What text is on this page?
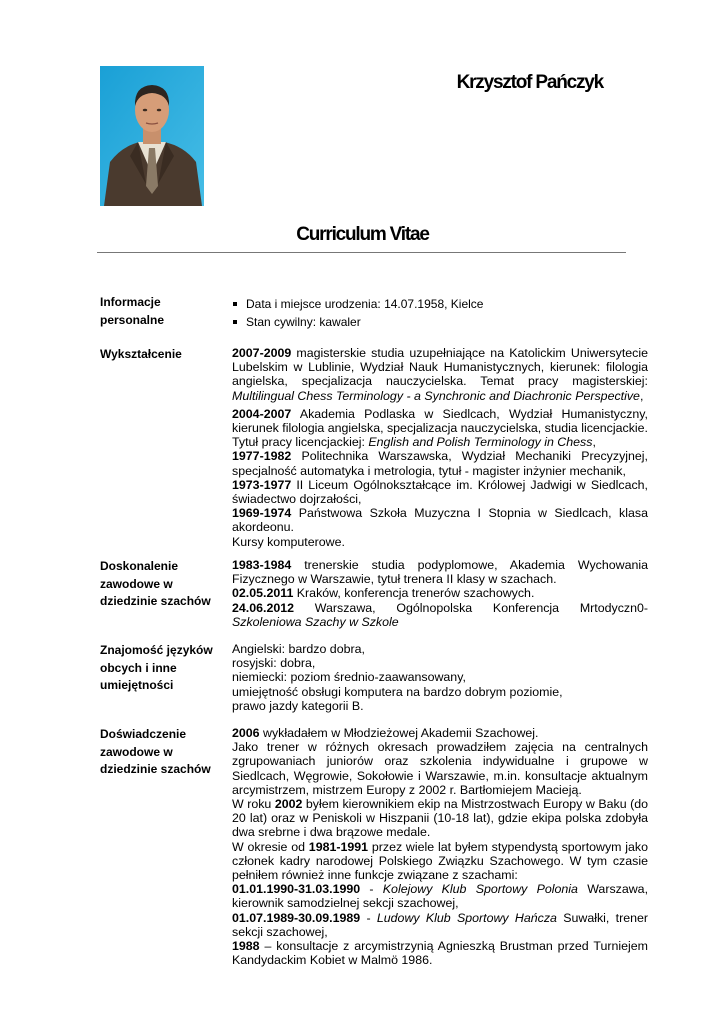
Krzysztof Pańczyk
Curriculum Vitae
Informacje personalne
Data i miejsce urodzenia: 14.07.1958, Kielce
Stan cywilny: kawaler
Wykształcenie	2007-2009 magisterskie studia uzupełniające na Katolickim Uniwersytecie Lubelskim w Lublinie, Wydział Nauk Humanistycznych, kierunek: filologia angielska, specjalizacja nauczycielska. Temat pracy magisterskiej: Multilingual Chess Terminology - a Synchronic and Diachronic Perspective,

2004-2007 Akademia Podlaska w Siedlcach, Wydział Humanistyczny, kierunek filologia angielska, specjalizacja nauczycielska, studia licencjackie. Tytuł pracy licencjackiej: English and Polish Terminology in Chess,

1977-1982 Politechnika Warszawska, Wydział Mechaniki Precyzyjnej, specjalność automatyka i metrologia, tytuł - magister inżynier mechanik,

1973-1977 II Liceum Ogólnokształcące im. Królowej Jadwigi w Siedlcach, świadectwo dojrzałości,

1969-1974 Państwowa Szkoła Muzyczna I Stopnia w Siedlcach, klasa akordeonu.

Kursy komputerowe.

Doskonalenie zawodowe w dziedzinie szachów

1983-1984 trenerskie studia podyplomowe, Akademia Wychowania Fizycznego w Warszawie, tytuł trenera II klasy w szachach.

02.05.2011 Kraków, konferencja trenerów szachowych.

24.06.2012 Warszawa, Ogólnopolska Konferencja Mrtodyczn0-Szkoleniowa Szachy w Szkole

Znajomość języków obcych i inne umiejętności

Angielski: bardzo dobra,

rosyjski: dobra,

niemiecki: poziom średnio-zaawansowany,

umiejętność obsługi komputera na bardzo dobrym poziomie,

prawo jazdy kategorii B.

Doświadczenie zawodowe w dziedzinie szachów

2006 wykładałem w Młodzieżowej Akademii Szachowej.

Jako trener w różnych okresach prowadziłem zajęcia na centralnych zgrupowaniach juniorów oraz szkolenia indywidualne i grupowe w Siedlcach, Węgrowie, Sokołowie i Warszawie, m.in. konsultacje aktualnym arcymistrzem, mistrzem Europy z 2002 r. Bartłomiejem Macieją.

W roku 2002 byłem kierownikiem ekip na Mistrzostwach Europy w Baku (do 20 lat) oraz w Peniskoli w Hiszpanii (10-18 lat), gdzie ekipa polska zdobyła dwa srebrne i dwa brązowe medale.

W okresie od 1981-1991 przez wiele lat byłem stypendystą sportowym jako członek kadry narodowej Polskiego Związku Szachowego. W tym czasie pełniłem również inne funkcje związane z szachami:

01.01.1990-31.03.1990 - Kolejowy Klub Sportowy Polonia Warszawa, kierownik samodzielnej sekcji szachowej,

01.07.1989-30.09.1989 - Ludowy Klub Sportowy Hańcza Suwałki, trener sekcji szachowej,

1988 – konsultacje z arcymistrzynią Agnieszką Brustman przed Turniejem Kandydackim Kobiet w Malmö 1986.
